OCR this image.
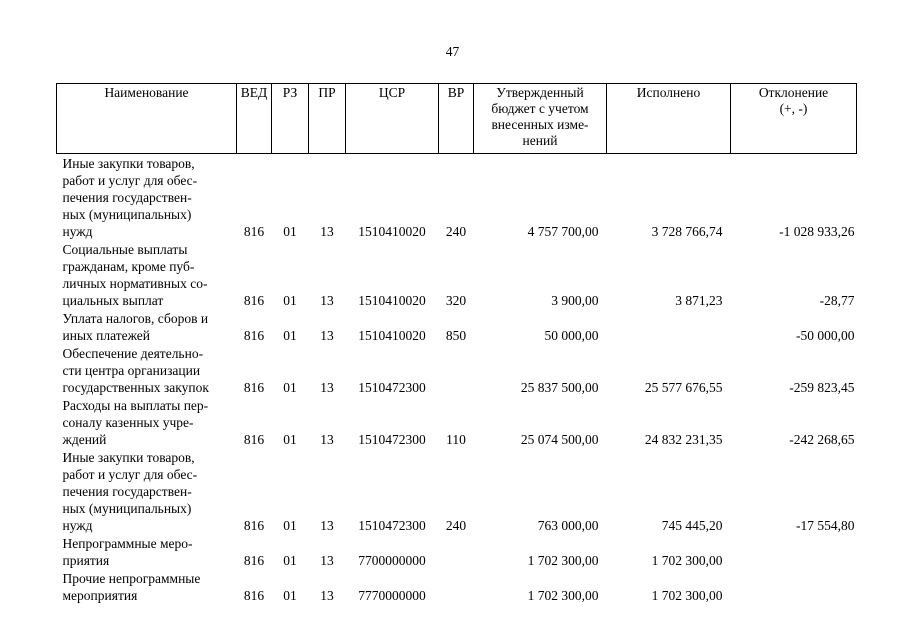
47
Наименование	ВЕД	РЗ	ПР	ЦСР	ВР	Утвержденный
бюджет с учетом
внесенных изме-
нений	Исполнено	Отклонение
(+, -)
Иные закупки товаров,
работ и услуг для обес-
печения государствен-
ных (муниципальных)
нужд	816	01	13	1510410020	240	4 757 700,00	3 728 766,74	-1 028 933,26
Социальные выплаты
гражданам, кроме пуб-
личных нормативных со-
циальных выплат	816	01	13	1510410020	320	3 900,00	3 871,23	-28,77
Уплата налогов, сборов и
иных платежей	816	01	13	1510410020	850	50 000,00		-50 000,00
Обеспечение деятельно-
сти центра организации
государственных закупок	816	01	13	1510472300		25 837 500,00	25 577 676,55	-259 823,45
Расходы на выплаты пер-
соналу казенных учре-
ждений	816	01	13	1510472300	110	25 074 500,00	24 832 231,35	-242 268,65
Иные закупки товаров,
работ и услуг для обес-
печения государствен-
ных (муниципальных)
нужд	816	01	13	1510472300	240	763 000,00	745 445,20	-17 554,80
Непрограммные меро-
приятия	816	01	13	7700000000		1 702 300,00	1 702 300,00	
Прочие непрограммные
мероприятия	816	01	13	7770000000		1 702 300,00	1 702 300,00	
